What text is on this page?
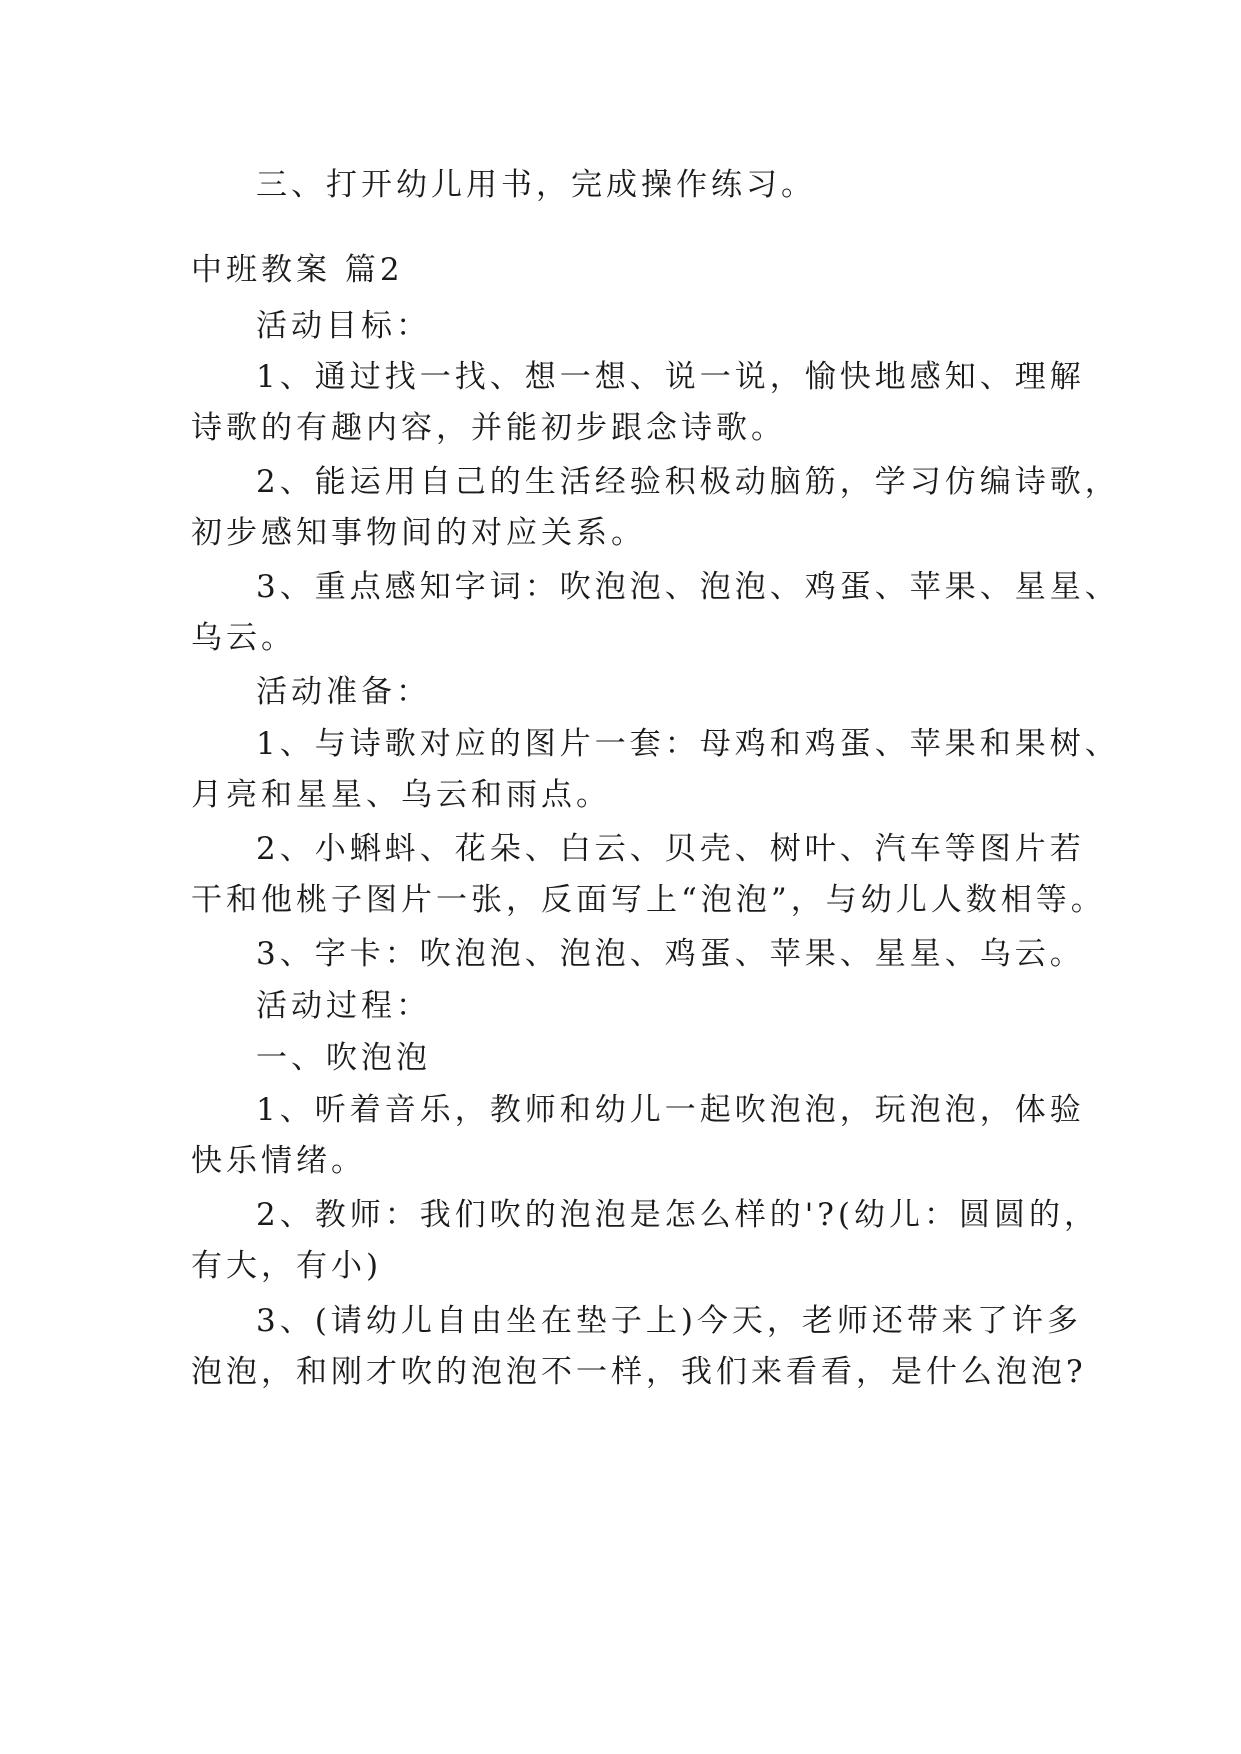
三、打开幼儿用书，完成操作练习。
中班教案 篇2
活动目标：
1、通过找一找、想一想、说一说，愉快地感知、理解
诗歌的有趣内容，并能初步跟念诗歌。
2、能运用自己的生活经验积极动脑筋，学习仿编诗歌，
初步感知事物间的对应关系。
3、重点感知字词：吹泡泡、泡泡、鸡蛋、苹果、星星、
乌云。
活动准备：
1、与诗歌对应的图片一套：母鸡和鸡蛋、苹果和果树、
月亮和星星、乌云和雨点。
2、小蝌蚪、花朵、白云、贝壳、树叶、汽车等图片若
干和他桃子图片一张，反面写上“泡泡”，与幼儿人数相等。
3、字卡：吹泡泡、泡泡、鸡蛋、苹果、星星、乌云。
活动过程：
一、吹泡泡
1、听着音乐，教师和幼儿一起吹泡泡，玩泡泡，体验
快乐情绪。
2、教师：我们吹的泡泡是怎么样的'?(幼儿：圆圆的，
有大，有小)
3、(请幼儿自由坐在垫子上)今天，老师还带来了许多
泡泡，和刚才吹的泡泡不一样，我们来看看，是什么泡泡?
